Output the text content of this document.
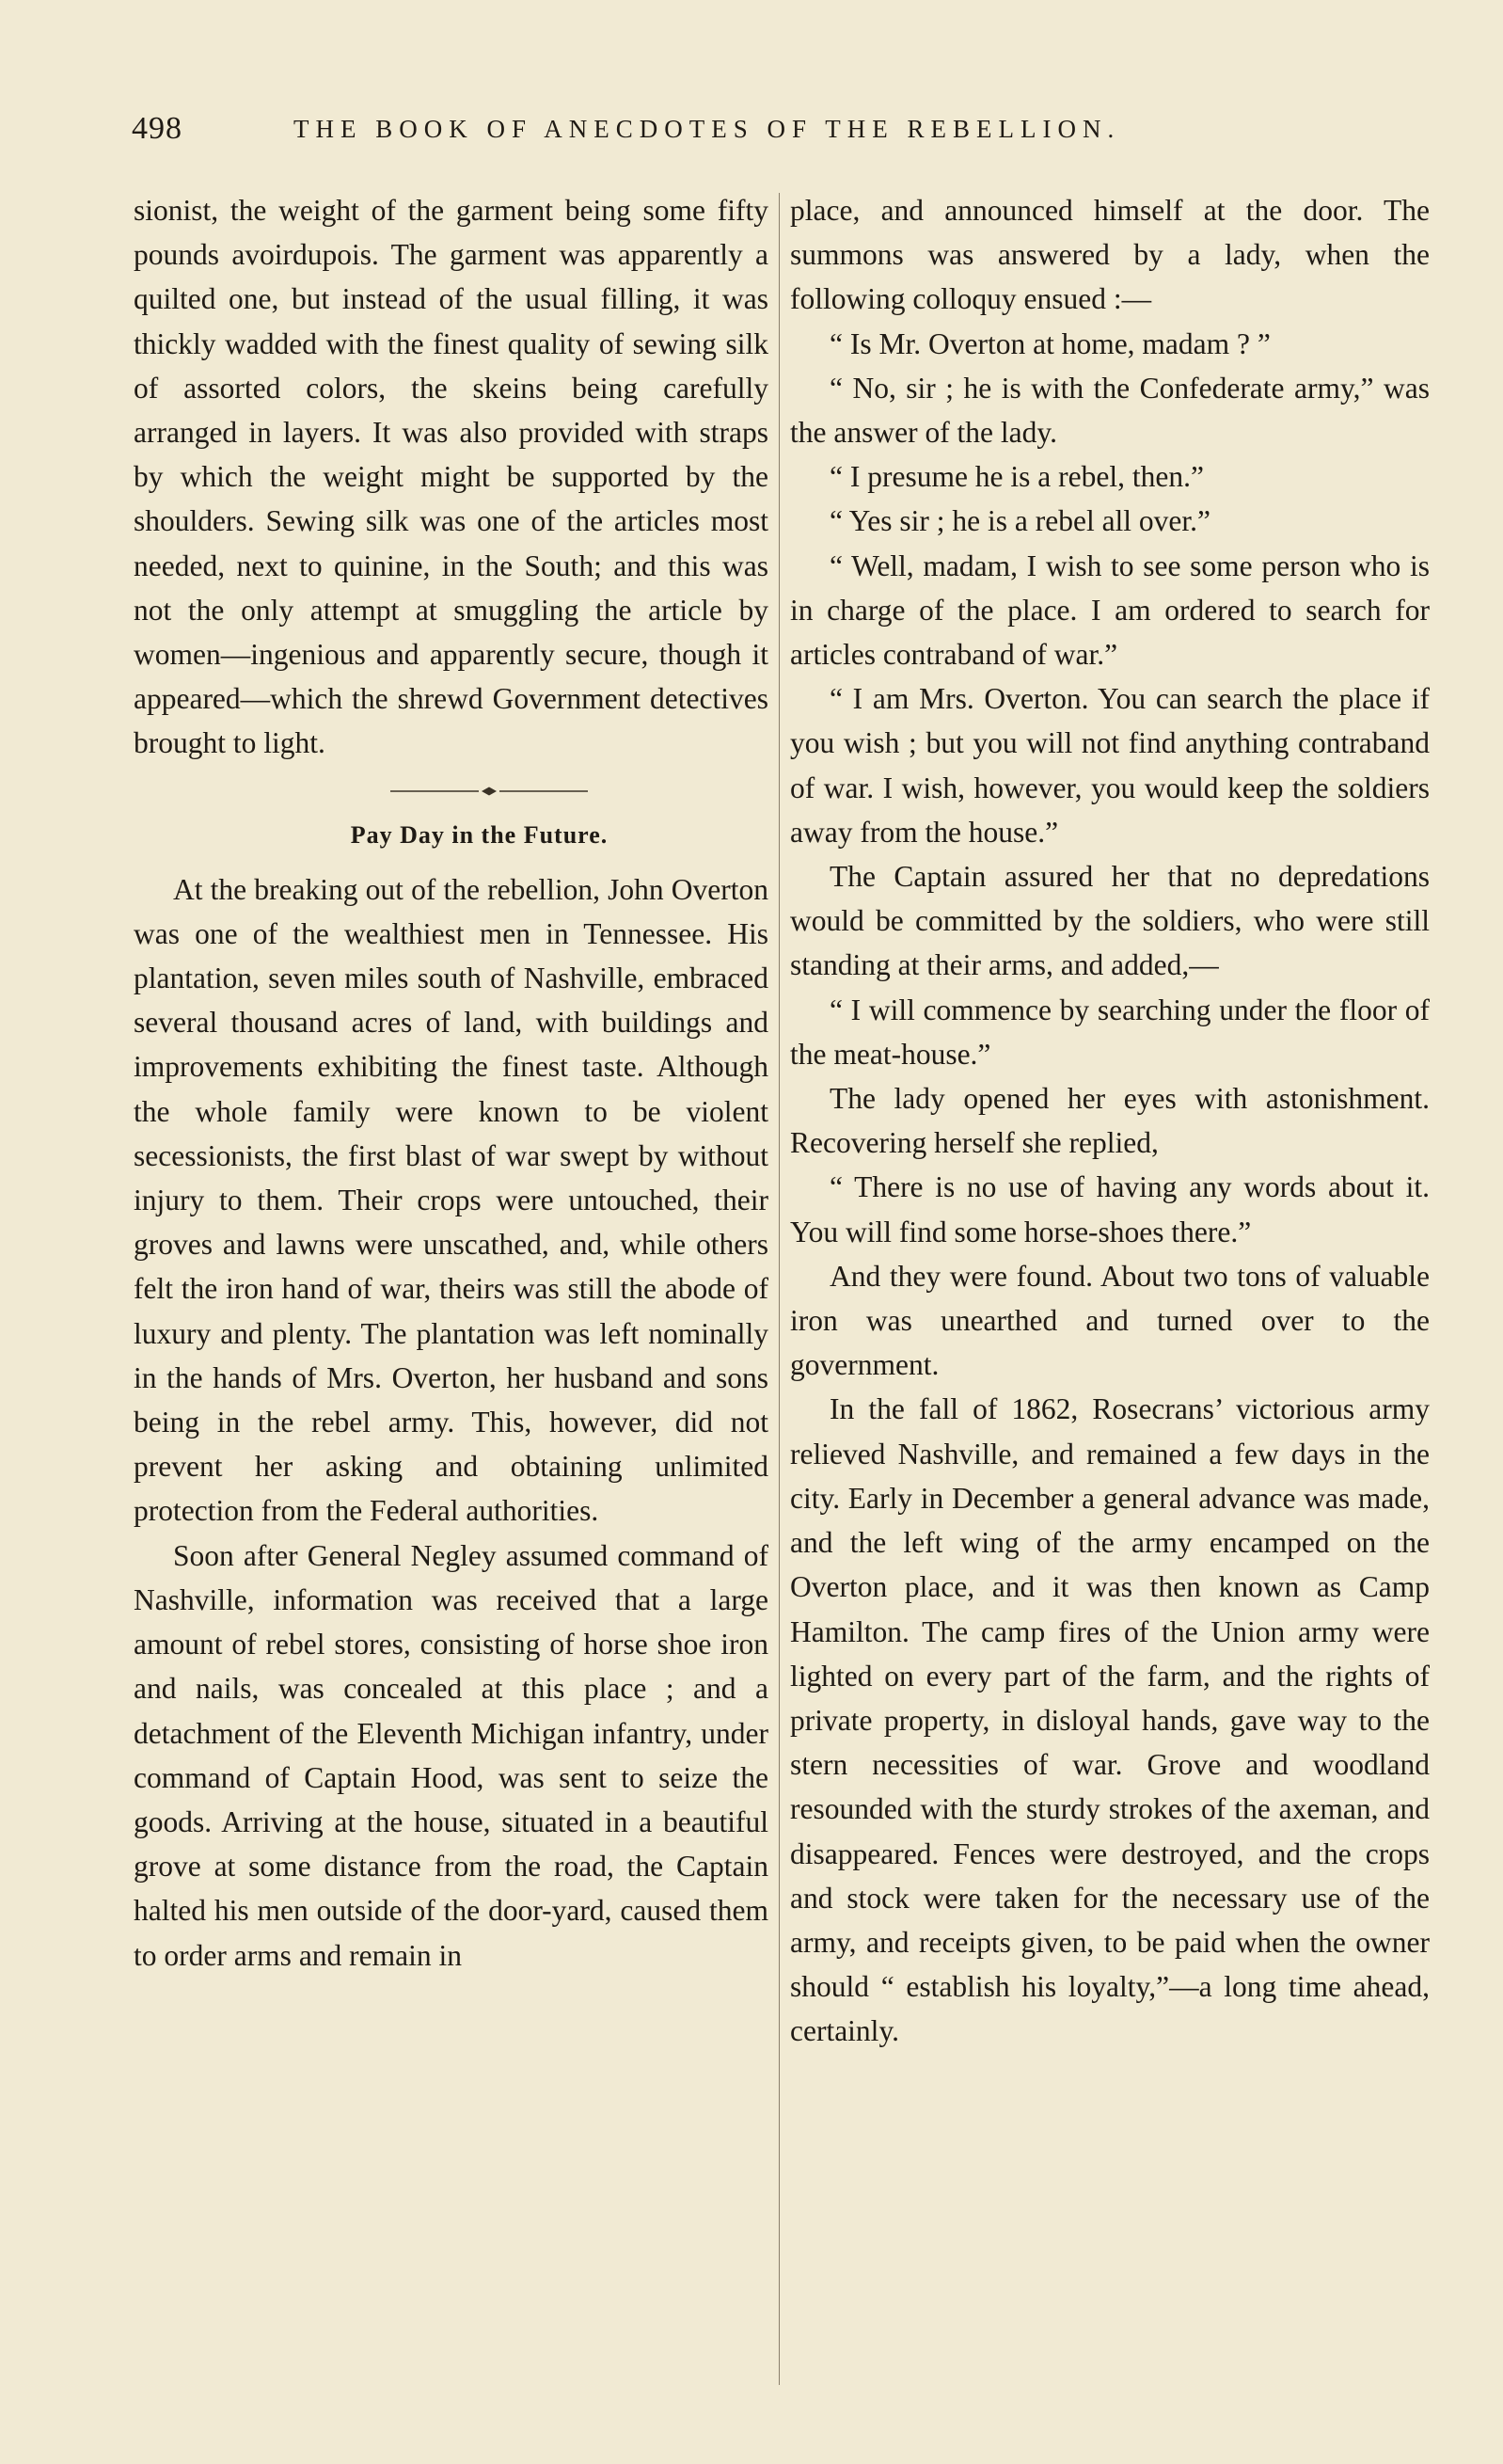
498	THE BOOK OF ANECDOTES OF THE REBELLION.

sionist, the weight of the garment being some fifty pounds avoirdupois. The garment was apparently a quilted one, but instead of the usual filling, it was thickly wadded with the finest quality of sewing silk of assorted colors, the skeins being carefully arranged in layers. It was also provided with straps by which the weight might be supported by the shoulders. Sewing silk was one of the articles most needed, next to quinine, in the South; and this was not the only attempt at smuggling the article by women—ingenious and apparently secure, though it appeared—which the shrewd Government detectives brought to light.

Pay Day in the Future.

At the breaking out of the rebellion, John Overton was one of the wealthiest men in Tennessee. His plantation, seven miles south of Nashville, embraced several thousand acres of land, with buildings and improvements exhibiting the finest taste. Although the whole family were known to be violent secessionists, the first blast of war swept by without injury to them. Their crops were untouched, their groves and lawns were unscathed, and, while others felt the iron hand of war, theirs was still the abode of luxury and plenty. The plantation was left nominally in the hands of Mrs. Overton, her husband and sons being in the rebel army. This, however, did not prevent her asking and obtaining unlimited protection from the Federal authorities.

Soon after General Negley assumed command of Nashville, information was received that a large amount of rebel stores, consisting of horse shoe iron and nails, was concealed at this place ; and a detachment of the Eleventh Michigan infantry, under command of Captain Hood, was sent to seize the goods. Arriving at the house, situated in a beautiful grove at some distance from the road, the Captain halted his men outside of the door-yard, caused them to order arms and remain in

place, and announced himself at the door. The summons was answered by a lady, when the following colloquy ensued :—

“ Is Mr. Overton at home, madam ? ”

“ No, sir ; he is with the Confederate army,” was the answer of the lady.

“ I presume he is a rebel, then.”

“ Yes sir ; he is a rebel all over.”

“ Well, madam, I wish to see some person who is in charge of the place. I am ordered to search for articles contraband of war.”

“ I am Mrs. Overton. You can search the place if you wish ; but you will not find anything contraband of war. I wish, however, you would keep the soldiers away from the house.”

The Captain assured her that no depredations would be committed by the soldiers, who were still standing at their arms, and added,—

“ I will commence by searching under the floor of the meat-house.”

The lady opened her eyes with astonishment. Recovering herself she replied,

“ There is no use of having any words about it. You will find some horse-shoes there.”

And they were found. About two tons of valuable iron was unearthed and turned over to the government.

In the fall of 1862, Rosecrans’ victorious army relieved Nashville, and remained a few days in the city. Early in December a general advance was made, and the left wing of the army encamped on the Overton place, and it was then known as Camp Hamilton. The camp fires of the Union army were lighted on every part of the farm, and the rights of private property, in disloyal hands, gave way to the stern necessities of war. Grove and woodland resounded with the sturdy strokes of the axeman, and disappeared. Fences were destroyed, and the crops and stock were taken for the necessary use of the army, and receipts given, to be paid when the owner should “ establish his loyalty,”—a long time ahead, certainly.
